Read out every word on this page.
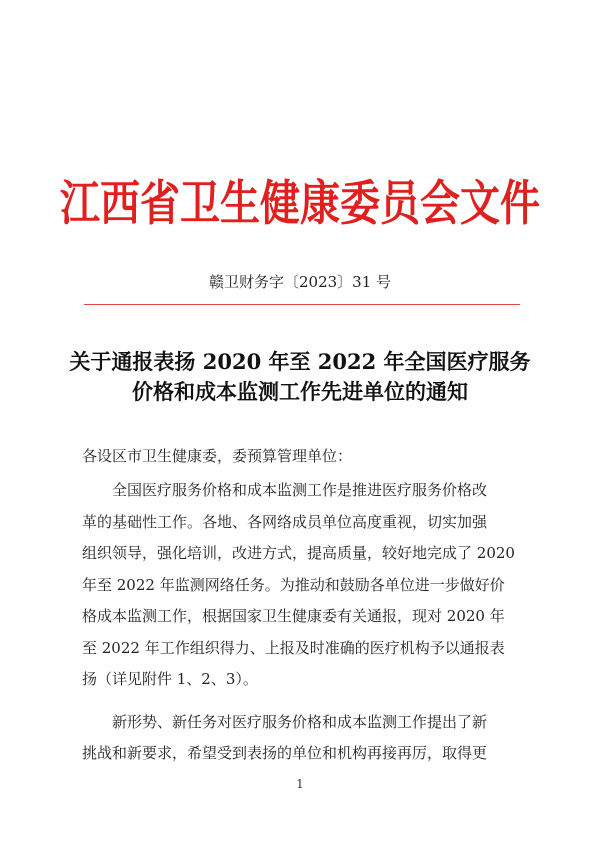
江西省卫生健康委员会文件
赣卫财务字〔2023〕31 号
关于通报表扬 2020 年至 2022 年全国医疗服务
价格和成本监测工作先进单位的通知
各设区市卫生健康委，委预算管理单位：
全国医疗服务价格和成本监测工作是推进医疗服务价格改
革的基础性工作。各地、各网络成员单位高度重视，切实加强
组织领导，强化培训，改进方式，提高质量，较好地完成了 2020
年至 2022 年监测网络任务。为推动和鼓励各单位进一步做好价
格成本监测工作，根据国家卫生健康委有关通报，现对 2020 年
至 2022 年工作组织得力、上报及时准确的医疗机构予以通报表
扬（详见附件 1、2、3）。
新形势、新任务对医疗服务价格和成本监测工作提出了新
挑战和新要求，希望受到表扬的单位和机构再接再厉，取得更
1
